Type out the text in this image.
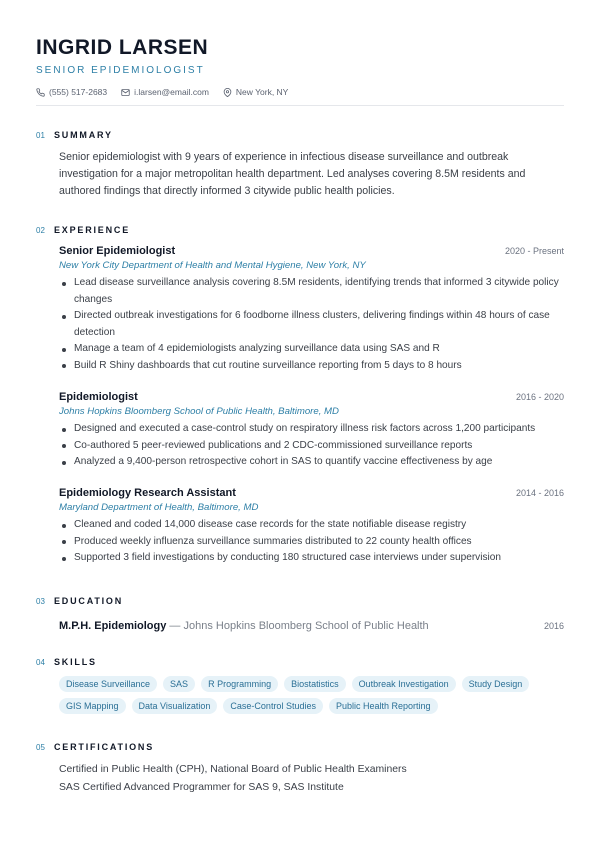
INGRID LARSEN
SENIOR EPIDEMIOLOGIST
(555) 517-2683	i.larsen@email.com	New York, NY
01 SUMMARY
Senior epidemiologist with 9 years of experience in infectious disease surveillance and outbreak investigation for a major metropolitan health department. Led analyses covering 8.5M residents and authored findings that directly informed 3 citywide public health policies.
02 EXPERIENCE
Senior Epidemiologist	2020 - Present
New York City Department of Health and Mental Hygiene, New York, NY
Lead disease surveillance analysis covering 8.5M residents, identifying trends that informed 3 citywide policy changes
Directed outbreak investigations for 6 foodborne illness clusters, delivering findings within 48 hours of case detection
Manage a team of 4 epidemiologists analyzing surveillance data using SAS and R
Build R Shiny dashboards that cut routine surveillance reporting from 5 days to 8 hours
Epidemiologist	2016 - 2020
Johns Hopkins Bloomberg School of Public Health, Baltimore, MD
Designed and executed a case-control study on respiratory illness risk factors across 1,200 participants
Co-authored 5 peer-reviewed publications and 2 CDC-commissioned surveillance reports
Analyzed a 9,400-person retrospective cohort in SAS to quantify vaccine effectiveness by age
Epidemiology Research Assistant	2014 - 2016
Maryland Department of Health, Baltimore, MD
Cleaned and coded 14,000 disease case records for the state notifiable disease registry
Produced weekly influenza surveillance summaries distributed to 22 county health offices
Supported 3 field investigations by conducting 180 structured case interviews under supervision
03 EDUCATION
M.P.H. Epidemiology — Johns Hopkins Bloomberg School of Public Health	2016
04 SKILLS
Disease Surveillance	SAS	R Programming	Biostatistics	Outbreak Investigation	Study Design
GIS Mapping	Data Visualization	Case-Control Studies	Public Health Reporting
05 CERTIFICATIONS
Certified in Public Health (CPH), National Board of Public Health Examiners
SAS Certified Advanced Programmer for SAS 9, SAS Institute
